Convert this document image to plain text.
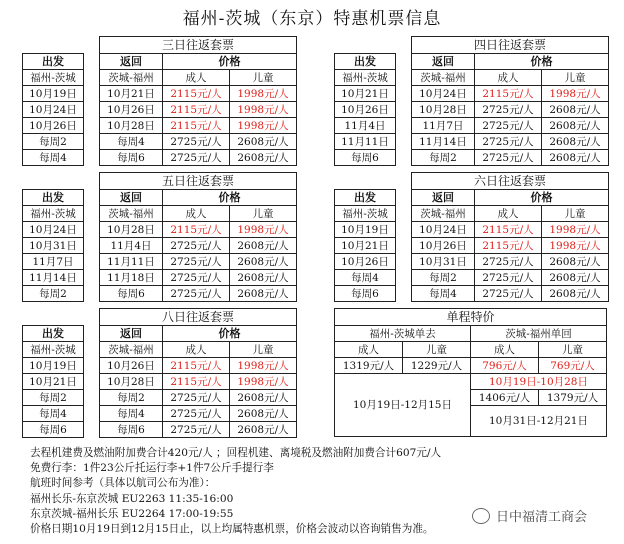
福州-茨城（东京）特惠机票信息
		三日往返套票		
出发		返回	价格	
福州-茨城		茨城-福州	成人	儿童
10月19日		10月21日	2115元/人	1998元/人
10月24日		10月26日	2115元/人	1998元/人
10月26日		10月28日	2115元/人	1998元/人
每周2		每周4	2725元/人	2608元/人
每周4		每周6	2725元/人	2608元/人
		四日往返套票		
出发		返回	价格	
福州-茨城		茨城-福州	成人	儿童
10月21日		10月24日	2115元/人	1998元/人
10月26日		10月28日	2725元/人	2608元/人
11月4日		11月7日	2725元/人	2608元/人
11月11日		11月14日	2725元/人	2608元/人
每周6		每周2	2725元/人	2608元/人
		五日往返套票		
出发		返回	价格	
福州-茨城		茨城-福州	成人	儿童
10月24日		10月28日	2115元/人	1998元/人
10月31日		11月4日	2725元/人	2608元/人
11月7日		11月11日	2725元/人	2608元/人
11月14日		11月18日	2725元/人	2608元/人
每周2		每周6	2725元/人	2608元/人
		六日往返套票		
出发		返回	价格	
福州-茨城		茨城-福州	成人	儿童
10月19日		10月24日	2115元/人	1998元/人
10月21日		10月26日	2115元/人	1998元/人
10月26日		10月31日	2725元/人	2608元/人
每周4		每周2	2725元/人	2608元/人
每周6		每周4	2725元/人	2608元/人
		八日往返套票		
出发		返回	价格	
福州-茨城		茨城-福州	成人	儿童
10月19日		10月26日	2115元/人	1998元/人
10月21日		10月28日	2115元/人	1998元/人
每周2		每周2	2725元/人	2608元/人
每周4		每周4	2725元/人	2608元/人
每周6		每周6	2725元/人	2608元/人
单程特价			
福州-茨城单去		茨城-福州单回	
成人	儿童	成人	儿童
1319元/人	1229元/人	796元/人	769元/人
10月19日-12月15日		10月19日-10月28日	
		1406元/人	1379元/人
		10月31日-12月21日	

去程机建费及燃油附加费合计420元/人 ；回程机建、离境税及燃油附加费合计607元/人
免费行李：1件23公斤托运行李+1件7公斤手提行李
航班时间参考（具体以航司公布为准）：
福州长乐-东京茨城 EU2263 11:35-16:00
东京茨城-福州长乐 EU2264 17:00-19:55
价格日期10月19日到12月15日止，以上均属特惠机票，价格会波动以咨询销售为准。
日中福清工商会
